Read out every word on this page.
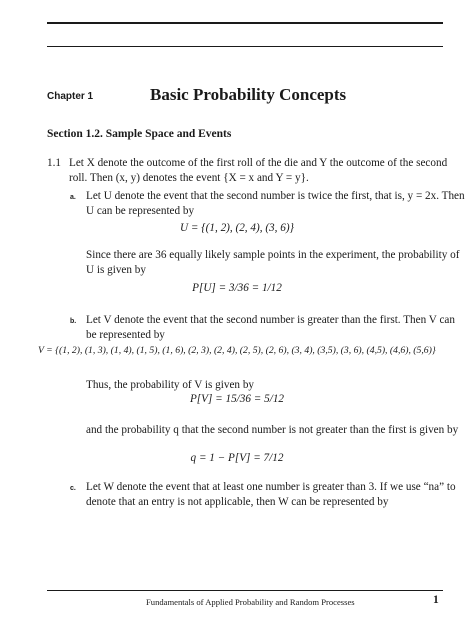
Chapter 1	Basic Probability Concepts
Section 1.2. Sample Space and Events
1.1 Let X denote the outcome of the first roll of the die and Y the outcome of the second
roll. Then (x, y) denotes the event {X = x and Y = y}.
a. Let U denote the event that the second number is twice the first, that is, y = 2x. Then
U can be represented by
U = {(1, 2), (2, 4), (3, 6)}
Since there are 36 equally likely sample points in the experiment, the probability of
U is given by
P[U] = 3/36 = 1/12
b. Let V denote the event that the second number is greater than the first. Then V can
be represented by
V = {(1, 2), (1, 3), (1, 4), (1, 5), (1, 6), (2, 3), (2, 4), (2, 5), (2, 6), (3, 4), (3,5), (3, 6), (4,5), (4,6), (5,6)}
Thus, the probability of V is given by
P[V] = 15/36 = 5/12
and the probability q that the second number is not greater than the first is given by
q = 1 − P[V] = 7/12
c. Let W denote the event that at least one number is greater than 3. If we use “na” to
denote that an entry is not applicable, then W can be represented by
Fundamentals of Applied Probability and Random Processes	1
